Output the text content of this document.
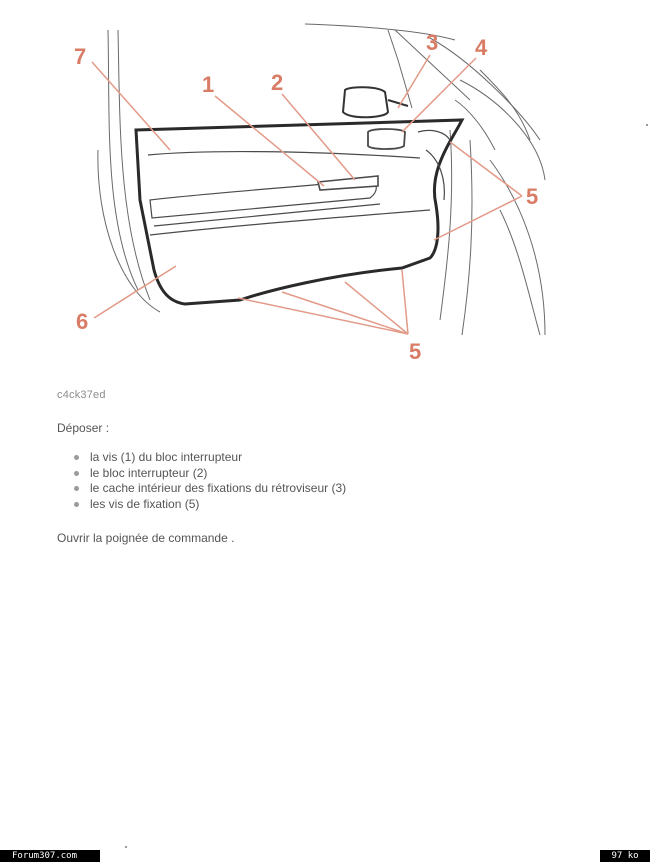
7
1	2
3 4
5
5
6
c4ck37ed
Déposer :
la vis (1) du bloc interrupteur
le bloc interrupteur (2)
le cache intérieur des fixations du rétroviseur (3)
les vis de fixation (5)
Ouvrir la poignée de commande .
Forum307.com	97 ko
